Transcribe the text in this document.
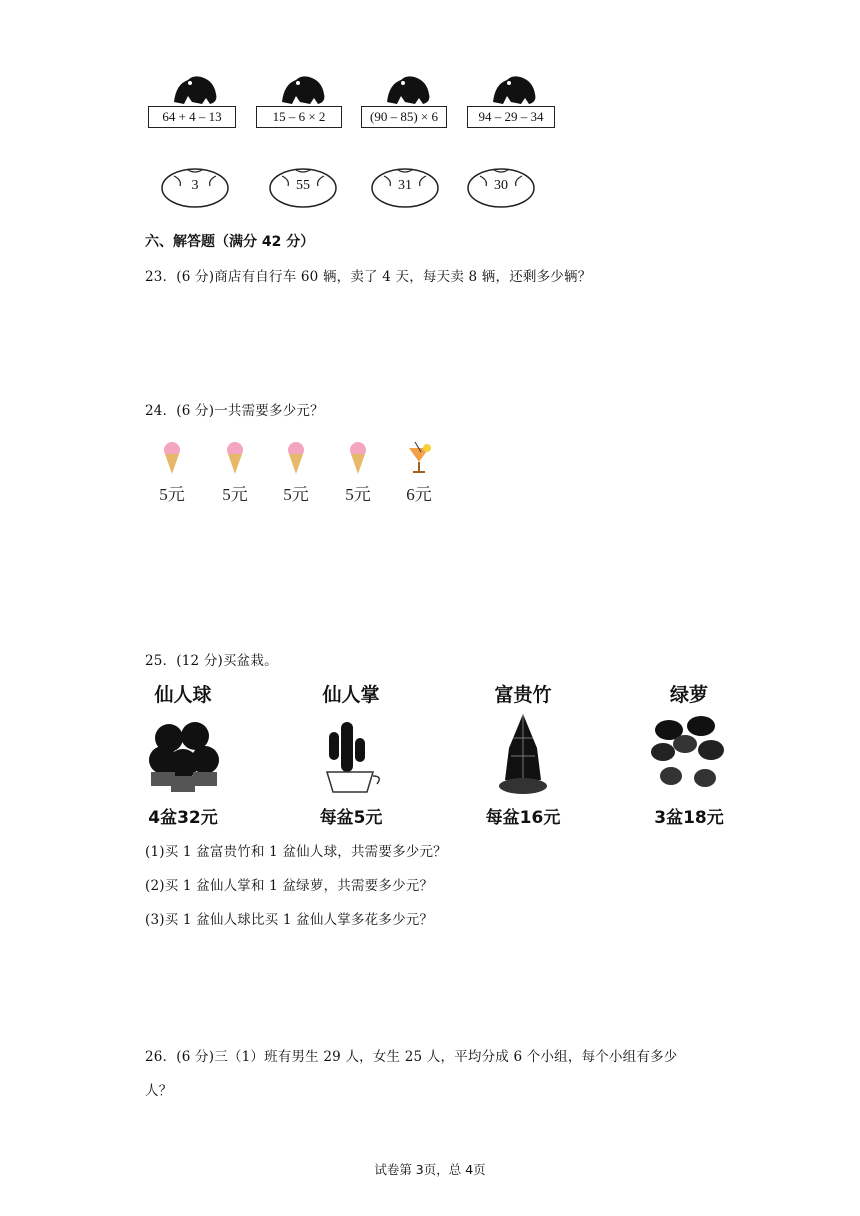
64 + 4 – 13	15 – 6 × 2	(90 – 85) × 6	94 – 29 – 34
3	55	31	30
六、解答题（满分 42 分）
23．(6 分)商店有自行车 60 辆，卖了 4 天，每天卖 8 辆，还剩多少辆？
24．(6 分)一共需要多少元？
5元	5元	5元	5元	6元
25．(12 分)买盆栽。
仙人球
4盆32元
仙人掌
每盆5元
富贵竹
每盆16元
绿萝
3盆18元
(1)买 1 盆富贵竹和 1 盆仙人球，共需要多少元？
(2)买 1 盆仙人掌和 1 盆绿萝，共需要多少元？
(3)买 1 盆仙人球比买 1 盆仙人掌多花多少元？
26．(6 分)三（1）班有男生 29 人，女生 25 人，平均分成 6 个小组，每个小组有多少
人？
试卷第 3页，总 4页
